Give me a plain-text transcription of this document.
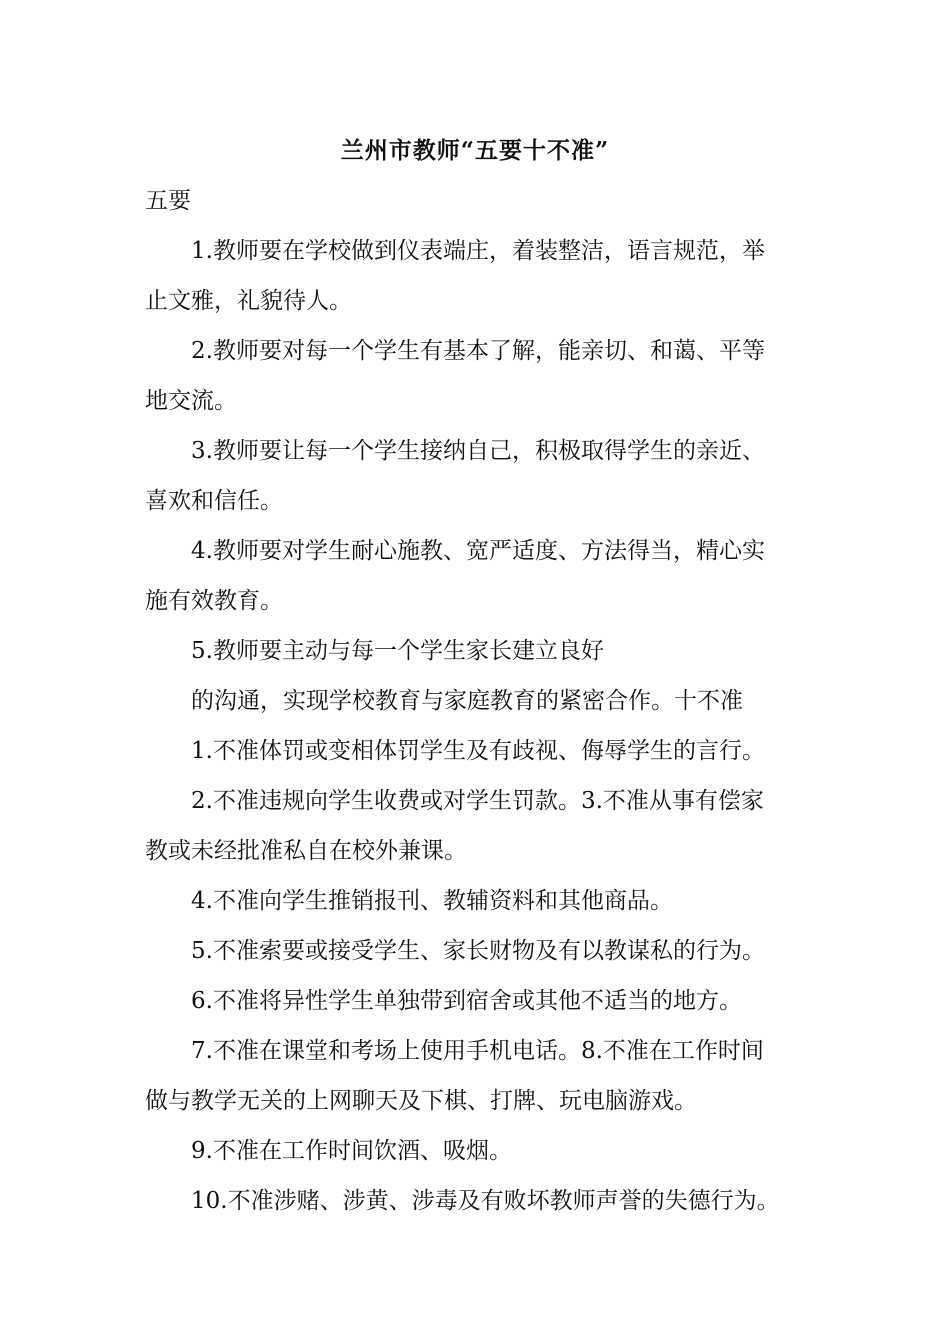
兰州市教师“五要十不准”
五要
1.教师要在学校做到仪表端庄，着装整洁，语言规范，举
止文雅，礼貌待人。
2.教师要对每一个学生有基本了解，能亲切、和蔼、平等
地交流。
3.教师要让每一个学生接纳自己，积极取得学生的亲近、
喜欢和信任。
4.教师要对学生耐心施教、宽严适度、方法得当，精心实
施有效教育。
5.教师要主动与每一个学生家长建立良好
的沟通，实现学校教育与家庭教育的紧密合作。十不准
1.不准体罚或变相体罚学生及有歧视、侮辱学生的言行。
2.不准违规向学生收费或对学生罚款。3.不准从事有偿家
教或未经批准私自在校外兼课。
4.不准向学生推销报刊、教辅资料和其他商品。
5.不准索要或接受学生、家长财物及有以教谋私的行为。
6.不准将异性学生单独带到宿舍或其他不适当的地方。
7.不准在课堂和考场上使用手机电话。8.不准在工作时间
做与教学无关的上网聊天及下棋、打牌、玩电脑游戏。
9.不准在工作时间饮酒、吸烟。
10.不准涉赌、涉黄、涉毒及有败坏教师声誉的失德行为。
